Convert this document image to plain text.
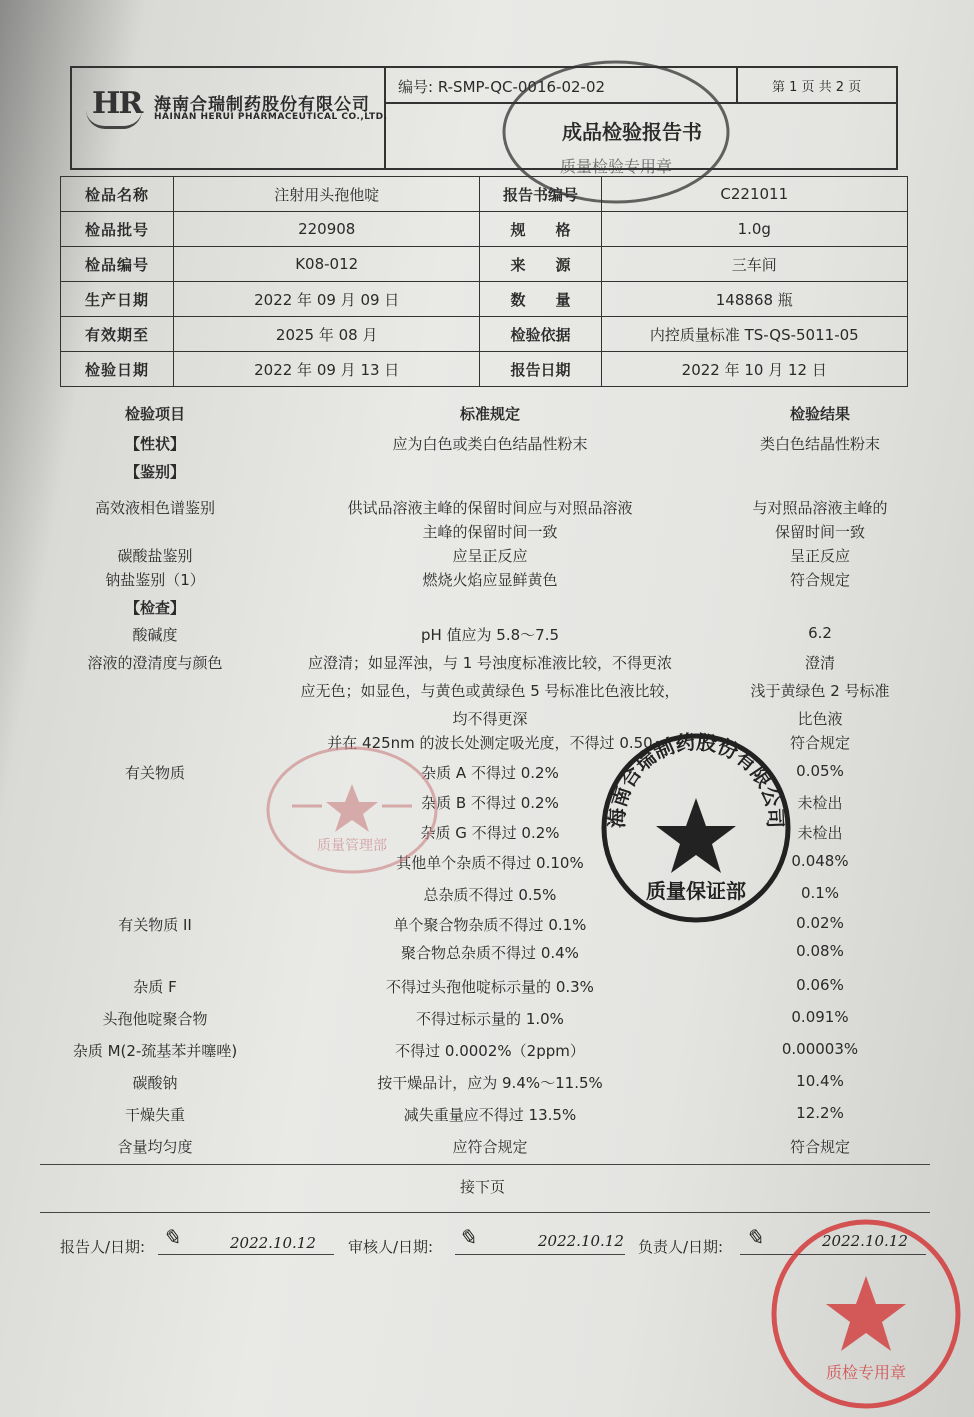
HR 海南合瑞制药股份有限公司
HAINAN HERUI PHARMACEUTICAL CO.,LTD.
编号: R-SMP-QC-0016-02-02	第 1 页 共 2 页
成品检验报告书
检品名称	注射用头孢他啶	报告书编号	C221011
检品批号	220908	规　　格	1.0g
检品编号	K08-012	来　　源	三车间
生产日期	2022 年 09 月 09 日	数　　量	148868 瓶
有效期至	2025 年 08 月	检验依据	内控质量标准 TS-QS-5011-05
检验日期	2022 年 09 月 13 日	报告日期	2022 年 10 月 12 日
检验项目	标准规定	检验结果
【性状】	应为白色或类白色结晶性粉末	类白色结晶性粉末
【鉴别】
高效液相色谱鉴别	供试品溶液主峰的保留时间应与对照品溶液	与对照品溶液主峰的
主峰的保留时间一致	保留时间一致
碳酸盐鉴别	应呈正反应	呈正反应
钠盐鉴别（1）	燃烧火焰应显鲜黄色	符合规定
【检查】
酸碱度	pH 值应为 5.8～7.5	6.2
溶液的澄清度与颜色	应澄清；如显浑浊，与 1 号浊度标准液比较，不得更浓	澄清
应无色；如显色，与黄色或黄绿色 5 号标准比色液比较，	浅于黄绿色 2 号标准
均不得更深	比色液
并在 425nm 的波长处测定吸光度，不得过 0.50	符合规定
有关物质	杂质 A 不得过 0.2%	0.05%
杂质 B 不得过 0.2%	未检出
杂质 G 不得过 0.2%	未检出
其他单个杂质不得过 0.10%	0.048%
总杂质不得过 0.5%	0.1%
有关物质 II	单个聚合物杂质不得过 0.1%	0.02%
聚合物总杂质不得过 0.4%	0.08%
杂质 F	不得过头孢他啶标示量的 0.3%	0.06%
头孢他啶聚合物	不得过标示量的 1.0%	0.091%
杂质 M(2-巯基苯并噻唑)	不得过 0.0002%（2ppm）	0.00003%
碳酸钠	按干燥品计，应为 9.4%～11.5%	10.4%
干燥失重	减失重量应不得过 13.5%	12.2%
含量均匀度	应符合规定	符合规定
接下页
报告人/日期: ✎	2022.10.12 审核人/日期: ✎	2022.10.12 负责人/日期: ✎	2022.10.12
质量检验专用章
海南合瑞制药股份有限公司
质量保证部
质量管理部
质检专用章
